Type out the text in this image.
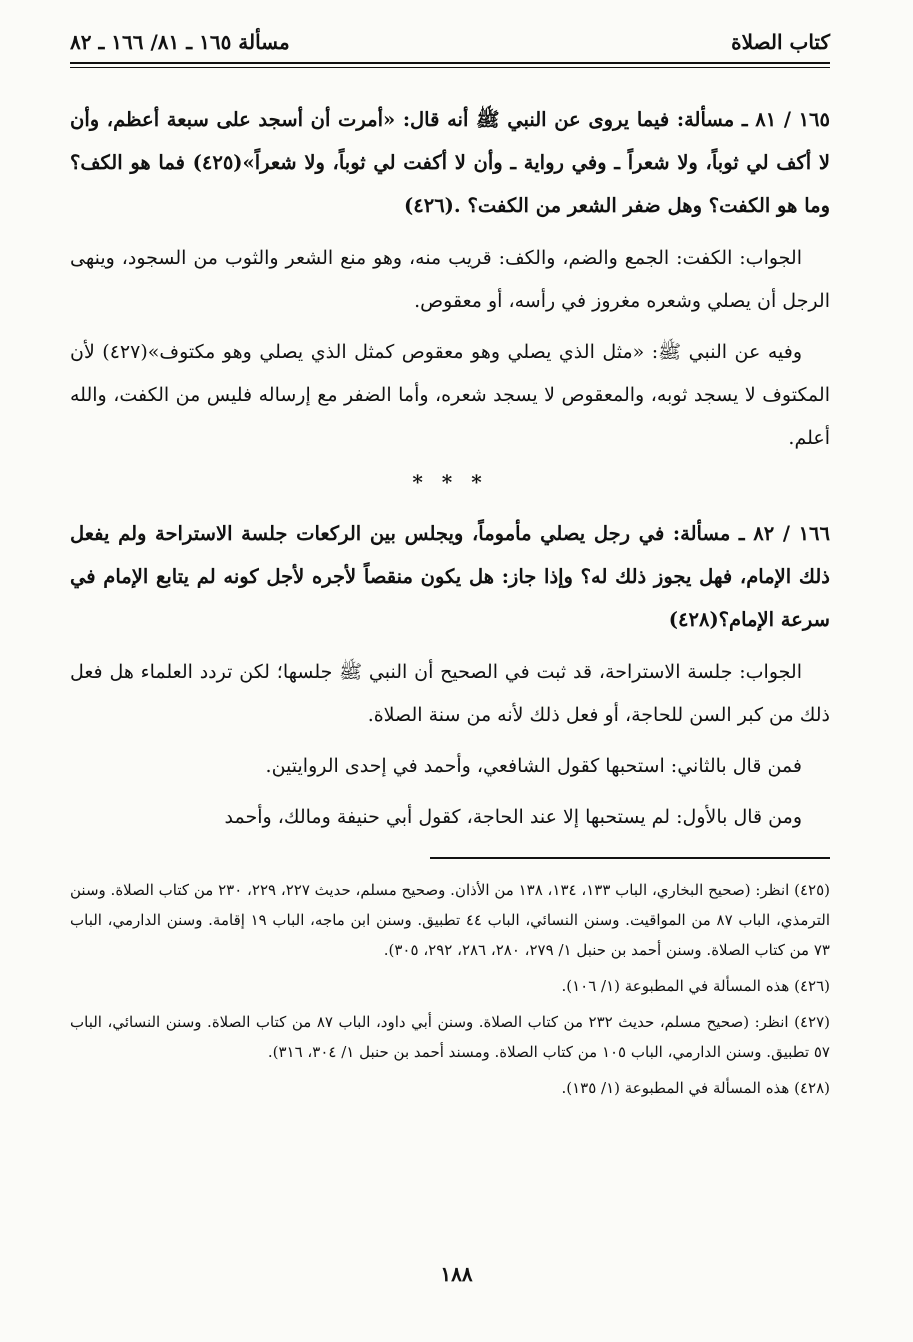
كتاب الصلاة
مسألة ١٦٥ ـ ٨١/ ١٦٦ ـ ٨٢

١٦٥ / ٨١ ـ مسألة: فيما يروى عن النبي ﷺ أنه قال: «أمرت أن أسجد على سبعة أعظم، وأن لا أكف لي ثوباً، ولا شعراً ـ وفي رواية ـ وأن لا أكفت لي ثوباً، ولا شعراً»(٤٢٥) فما هو الكف؟ وما هو الكفت؟ وهل ضفر الشعر من الكفت؟ .(٤٢٦)

الجواب: الكفت: الجمع والضم، والكف: قريب منه، وهو منع الشعر والثوب من السجود، وينهى الرجل أن يصلي وشعره مغروز في رأسه، أو معقوص.

وفيه عن النبي ﷺ: «مثل الذي يصلي وهو معقوص كمثل الذي يصلي وهو مكتوف»(٤٢٧) لأن المكتوف لا يسجد ثوبه، والمعقوص لا يسجد شعره، وأما الضفر مع إرساله فليس من الكفت، والله أعلم.

* * *

١٦٦ / ٨٢ ـ مسألة: في رجل يصلي مأموماً، ويجلس بين الركعات جلسة الاستراحة ولم يفعل ذلك الإمام، فهل يجوز ذلك له؟ وإذا جاز: هل يكون منقصاً لأجره لأجل كونه لم يتابع الإمام في سرعة الإمام؟(٤٢٨)

الجواب: جلسة الاستراحة، قد ثبت في الصحيح أن النبي ﷺ جلسها؛ لكن تردد العلماء هل فعل ذلك من كبر السن للحاجة، أو فعل ذلك لأنه من سنة الصلاة.

فمن قال بالثاني: استحبها كقول الشافعي، وأحمد في إحدى الروايتين.

ومن قال بالأول: لم يستحبها إلا عند الحاجة، كقول أبي حنيفة ومالك، وأحمد

(٤٢٥) انظر: (صحيح البخاري، الباب ١٣٣، ١٣٤، ١٣٨ من الأذان. وصحيح مسلم، حديث ٢٢٧، ٢٢٩، ٢٣٠ من كتاب الصلاة. وسنن الترمذي، الباب ٨٧ من المواقيت. وسنن النسائي، الباب ٤٤ تطبيق. وسنن ابن ماجه، الباب ١٩ إقامة. وسنن الدارمي، الباب ٧٣ من كتاب الصلاة. وسنن أحمد بن حنبل ١/ ٢٧٩، ٢٨٠، ٢٨٦، ٢٩٢، ٣٠٥).

(٤٢٦) هذه المسألة في المطبوعة (١/ ١٠٦).

(٤٢٧) انظر: (صحيح مسلم، حديث ٢٣٢ من كتاب الصلاة. وسنن أبي داود، الباب ٨٧ من كتاب الصلاة. وسنن النسائي، الباب ٥٧ تطبيق. وسنن الدارمي، الباب ١٠٥ من كتاب الصلاة. ومسند أحمد بن حنبل ١/ ٣٠٤، ٣١٦).

(٤٢٨) هذه المسألة في المطبوعة (١/ ١٣٥).

١٨٨
